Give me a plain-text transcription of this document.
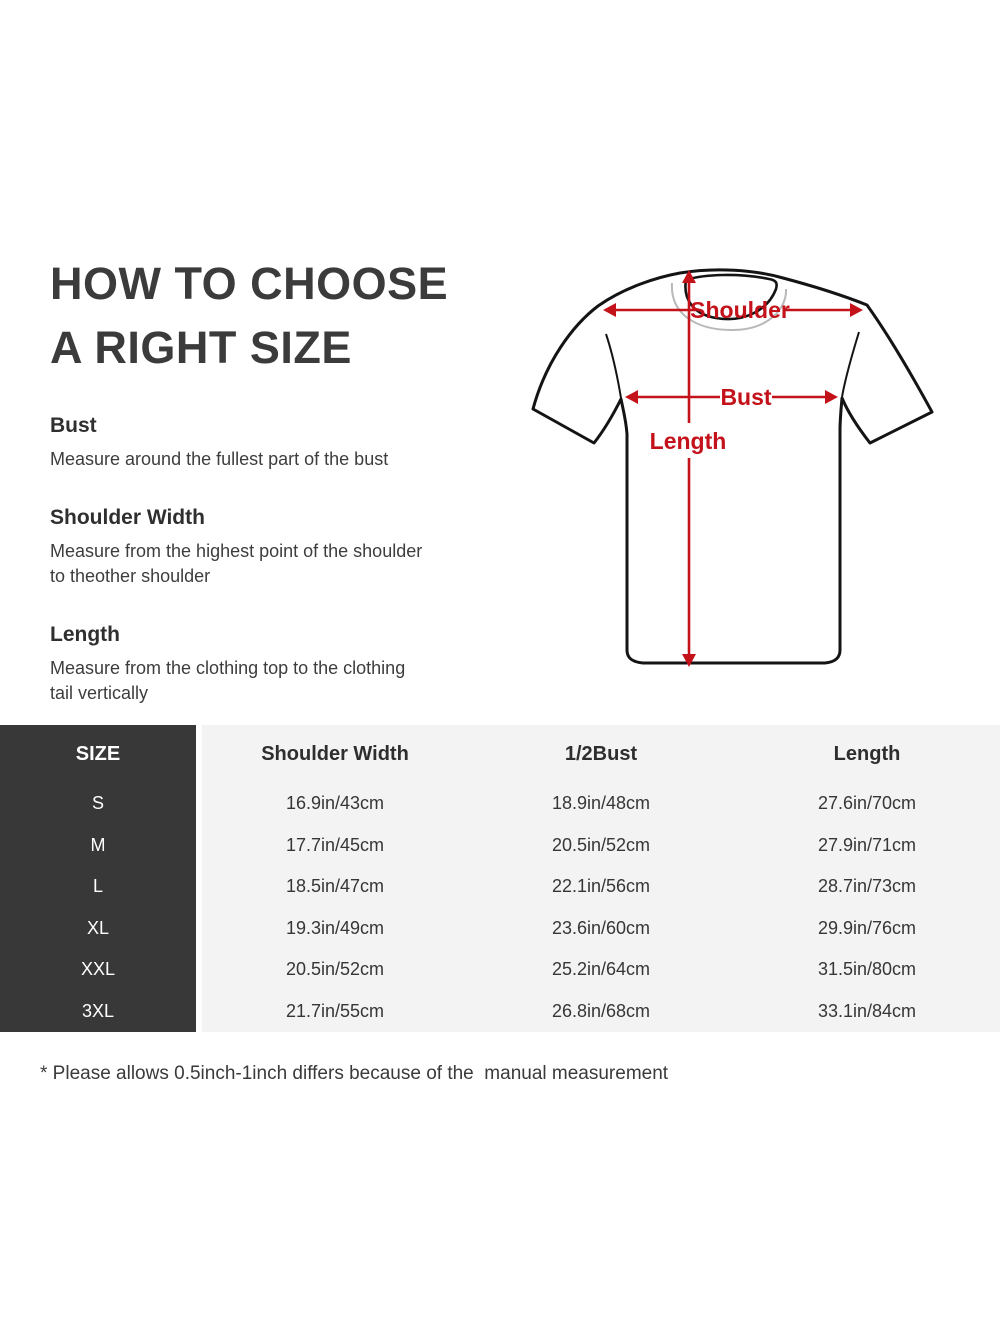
HOW TO CHOOSE
A RIGHT SIZE
Bust
Measure around the fullest part of the bust
Shoulder Width
Measure from the highest point of the shoulder to theother shoulder
Length
Measure from the clothing top to the clothing tail vertically
Shoulder
Bust
Length
SIZE	Shoulder Width	1/2Bust	Length
S	16.9in/43cm	18.9in/48cm	27.6in/70cm
M	17.7in/45cm	20.5in/52cm	27.9in/71cm
L	18.5in/47cm	22.1in/56cm	28.7in/73cm
XL	19.3in/49cm	23.6in/60cm	29.9in/76cm
XXL	20.5in/52cm	25.2in/64cm	31.5in/80cm
3XL	21.7in/55cm	26.8in/68cm	33.1in/84cm
* Please allows 0.5inch-1inch differs because of the  manual measurement
